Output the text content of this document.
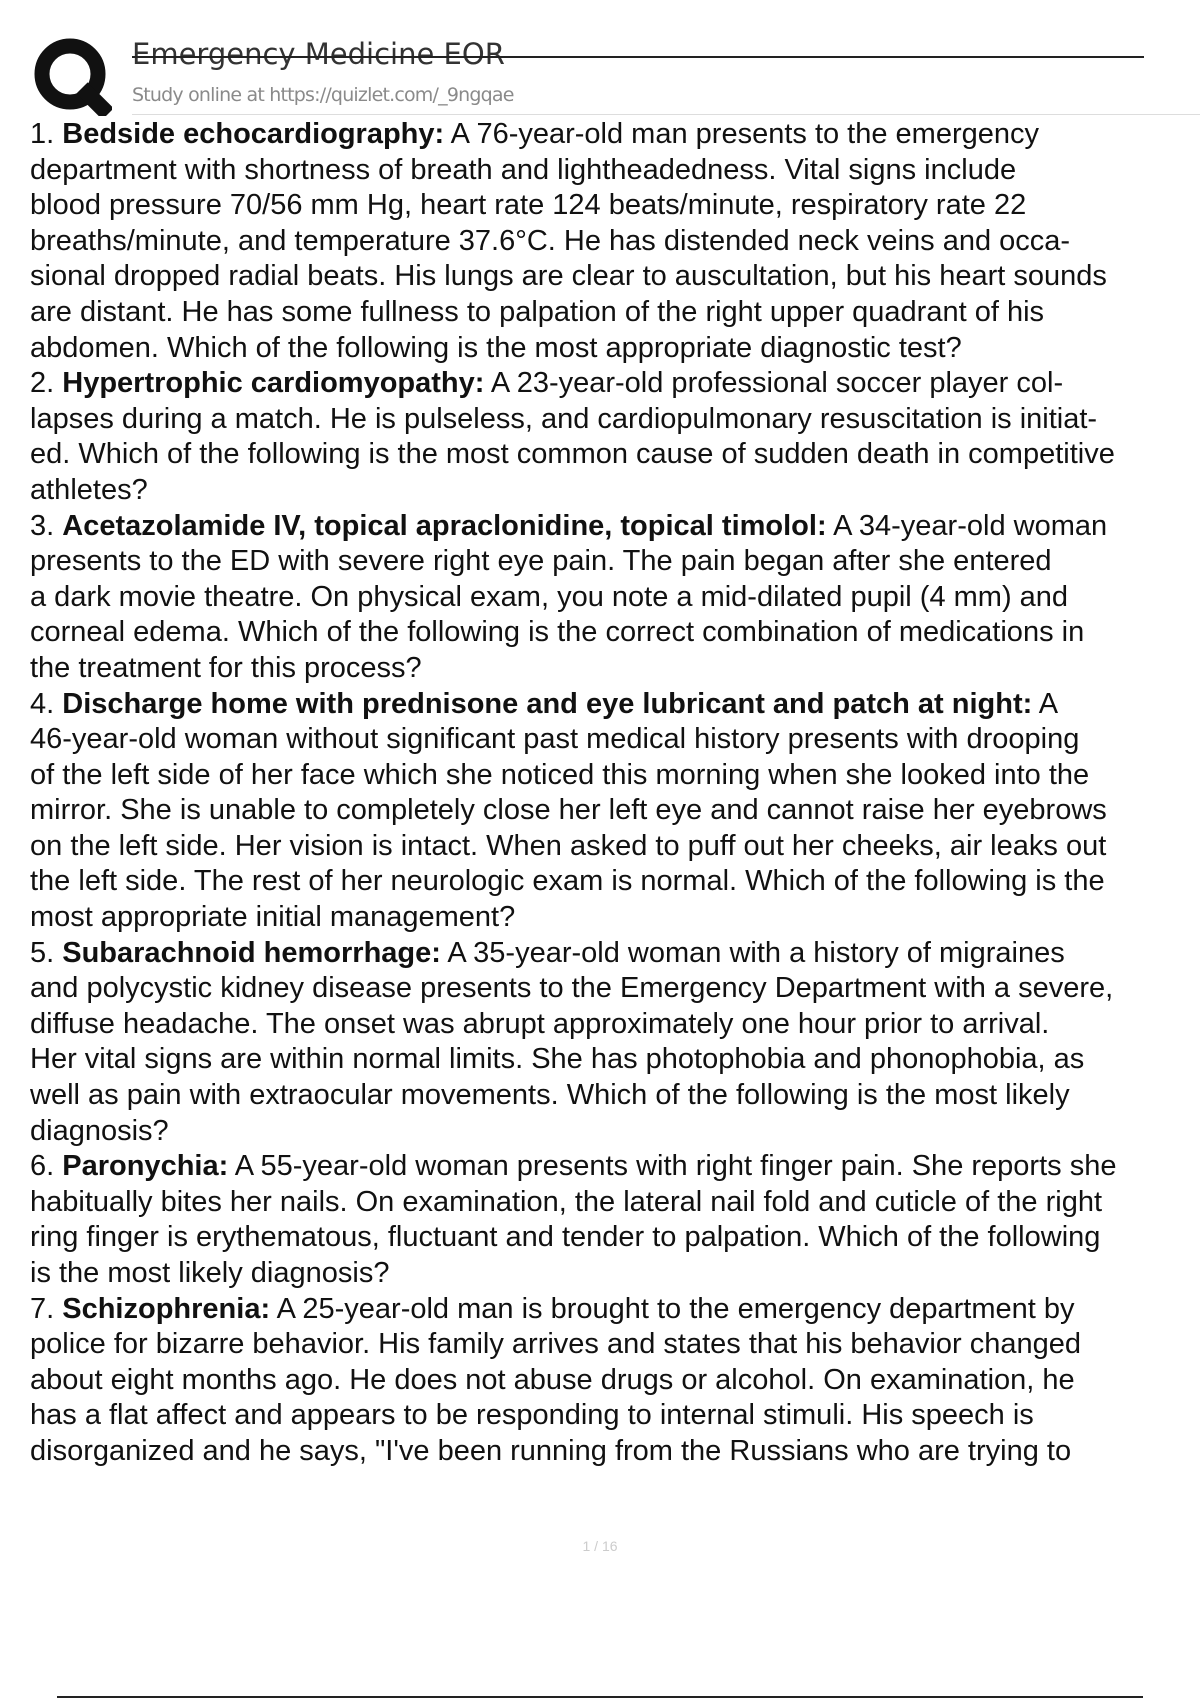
Emergency Medicine EOR
Study online at https://quizlet.com/_9ngqae
1. Bedside echocardiography: A 76-year-old man presents to the emergency
department with shortness of breath and lightheadedness. Vital signs include
blood pressure 70/56 mm Hg, heart rate 124 beats/minute, respiratory rate 22
breaths/minute, and temperature 37.6°C. He has distended neck veins and occa-
sional dropped radial beats. His lungs are clear to auscultation, but his heart sounds
are distant. He has some fullness to palpation of the right upper quadrant of his
abdomen. Which of the following is the most appropriate diagnostic test?
2. Hypertrophic cardiomyopathy: A 23-year-old professional soccer player col-
lapses during a match. He is pulseless, and cardiopulmonary resuscitation is initiat-
ed. Which of the following is the most common cause of sudden death in competitive
athletes?
3. Acetazolamide IV, topical apraclonidine, topical timolol: A 34-year-old woman
presents to the ED with severe right eye pain. The pain began after she entered
a dark movie theatre. On physical exam, you note a mid-dilated pupil (4 mm) and
corneal edema. Which of the following is the correct combination of medications in
the treatment for this process?
4. Discharge home with prednisone and eye lubricant and patch at night: A
46-year-old woman without significant past medical history presents with drooping
of the left side of her face which she noticed this morning when she looked into the
mirror. She is unable to completely close her left eye and cannot raise her eyebrows
on the left side. Her vision is intact. When asked to puff out her cheeks, air leaks out
the left side. The rest of her neurologic exam is normal. Which of the following is the
most appropriate initial management?
5. Subarachnoid hemorrhage: A 35-year-old woman with a history of migraines
and polycystic kidney disease presents to the Emergency Department with a severe,
diffuse headache. The onset was abrupt approximately one hour prior to arrival.
Her vital signs are within normal limits. She has photophobia and phonophobia, as
well as pain with extraocular movements. Which of the following is the most likely
diagnosis?
6. Paronychia: A 55-year-old woman presents with right finger pain. She reports she
habitually bites her nails. On examination, the lateral nail fold and cuticle of the right
ring finger is erythematous, fluctuant and tender to palpation. Which of the following
is the most likely diagnosis?
7. Schizophrenia: A 25-year-old man is brought to the emergency department by
police for bizarre behavior. His family arrives and states that his behavior changed
about eight months ago. He does not abuse drugs or alcohol. On examination, he
has a flat affect and appears to be responding to internal stimuli. His speech is
disorganized and he says, "I've been running from the Russians who are trying to
1 / 16
